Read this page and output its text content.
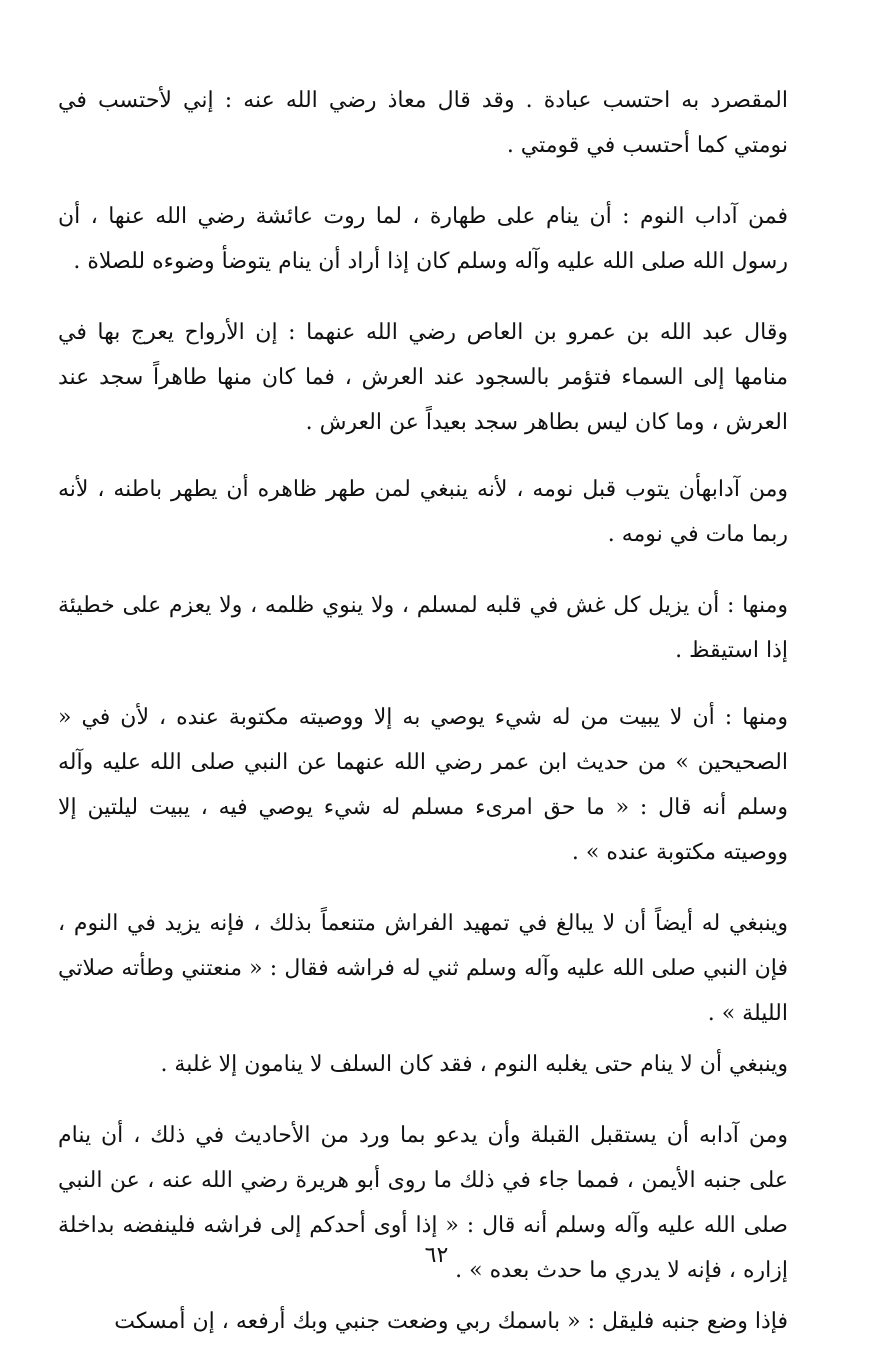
المقصرد به احتسب عبادة . وقد قال معاذ رضي الله عنه : إني لأحتسب في نومتي كما أحتسب في قومتي .

فمن آداب النوم : أن ينام على طهارة ، لما روت عائشة رضي الله عنها ، أن رسول الله صلى الله عليه وآله وسلم كان إذا أراد أن ينام يتوضأ وضوءه للصلاة .

وقال عبد الله بن عمرو بن العاص رضي الله عنهما : إن الأرواح يعرج بها في منامها إلى السماء فتؤمر بالسجود عند العرش ، فما كان منها طاهراً سجد عند العرش ، وما كان ليس بطاهر سجد بعيداً عن العرش .

ومن آدابهأن يتوب قبل نومه ، لأنه ينبغي لمن طهر ظاهره أن يطهر باطنه ، لأنه ربما مات في نومه .

ومنها : أن يزيل كل غش في قلبه لمسلم ، ولا ينوي ظلمه ، ولا يعزم على خطيئة إذا استيقظ .

ومنها : أن لا يبيت من له شيء يوصي به إلا ووصيته مكتوبة عنده ، لأن في « الصحيحين » من حديث ابن عمر رضي الله عنهما عن النبي صلى الله عليه وآله وسلم أنه قال : « ما حق امرىء مسلم له شيء يوصي فيه ، يبيت ليلتين إلا ووصيته مكتوبة عنده » .

وينبغي له أيضاً أن لا يبالغ في تمهيد الفراش متنعماً بذلك ، فإنه يزيد في النوم ، فإن النبي صلى الله عليه وآله وسلم ثني له فراشه فقال : « منعتني وطأته صلاتي الليلة » .

وينبغي أن لا ينام حتى يغلبه النوم ، فقد كان السلف لا ينامون إلا غلبة .

ومن آدابه أن يستقبل القبلة وأن يدعو بما ورد من الأحاديث في ذلك ، أن ينام على جنبه الأيمن ، فمما جاء في ذلك ما روى أبو هريرة رضي الله عنه ، عن النبي صلى الله عليه وآله وسلم أنه قال : « إذا أوى أحدكم إلى فراشه فلينفضه بداخلة إزاره ، فإنه لا يدري ما حدث بعده » .

فإذا وضع جنبه فليقل : « باسمك ربي وضعت جنبي وبك أرفعه ، إن أمسكت

٦٢
